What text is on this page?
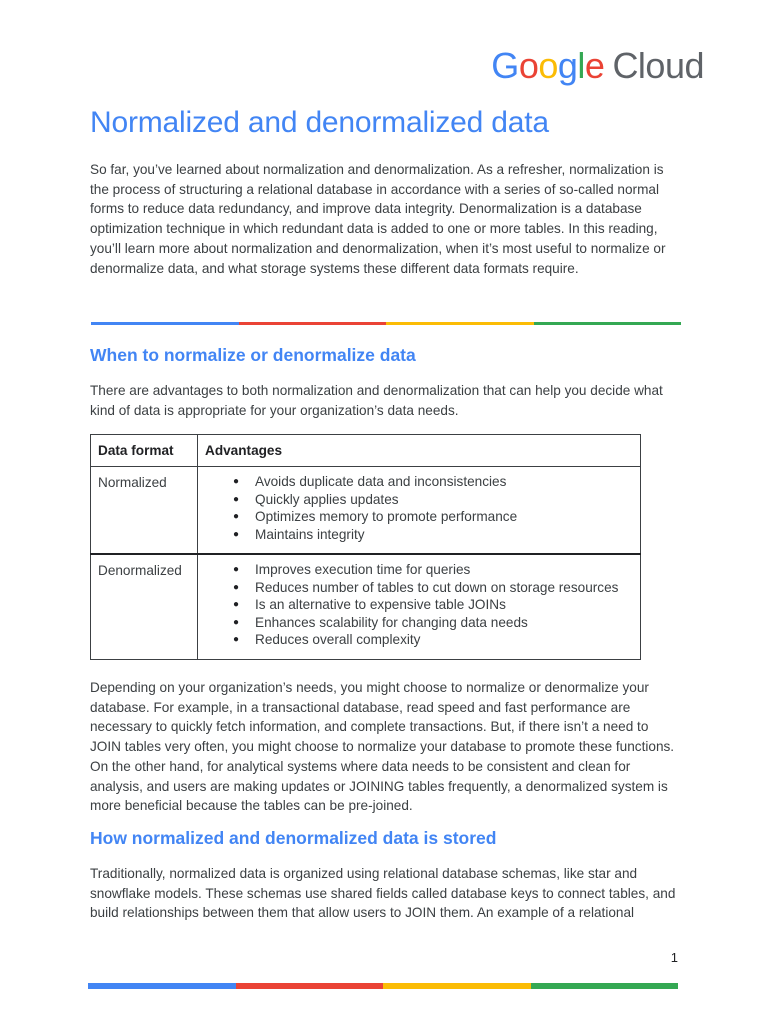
Google Cloud
Normalized and denormalized data

So far, you’ve learned about normalization and denormalization. As a refresher, normalization is the process of structuring a relational database in accordance with a series of so-called normal forms to reduce data redundancy, and improve data integrity. Denormalization is a database optimization technique in which redundant data is added to one or more tables. In this reading, you’ll learn more about normalization and denormalization, when it’s most useful to normalize or denormalize data, and what storage systems these different data formats require.

When to normalize or denormalize data

There are advantages to both normalization and denormalization that can help you decide what kind of data is appropriate for your organization’s data needs.

Data format	Advantages
Normalized	
●Avoids duplicate data and inconsistencies
● Quickly applies updates
● Optimizes memory to promote performance
● Maintains integrity

Denormalized	
●Improves execution time for queries
● Reduces number of tables to cut down on storage resources
● Is an alternative to expensive table JOINs
● Enhances scalability for changing data needs
● Reduces overall complexity

Depending on your organization’s needs, you might choose to normalize or denormalize your database. For example, in a transactional database, read speed and fast performance are necessary to quickly fetch information, and complete transactions. But, if there isn’t a need to JOIN tables very often, you might choose to normalize your database to promote these functions. On the other hand, for analytical systems where data needs to be consistent and clean for analysis, and users are making updates or JOINING tables frequently, a denormalized system is more beneficial because the tables can be pre-joined.

How normalized and denormalized data is stored

Traditionally, normalized data is organized using relational database schemas, like star and snowflake models. These schemas use shared fields called database keys to connect tables, and build relationships between them that allow users to JOIN them. An example of a relational

1
